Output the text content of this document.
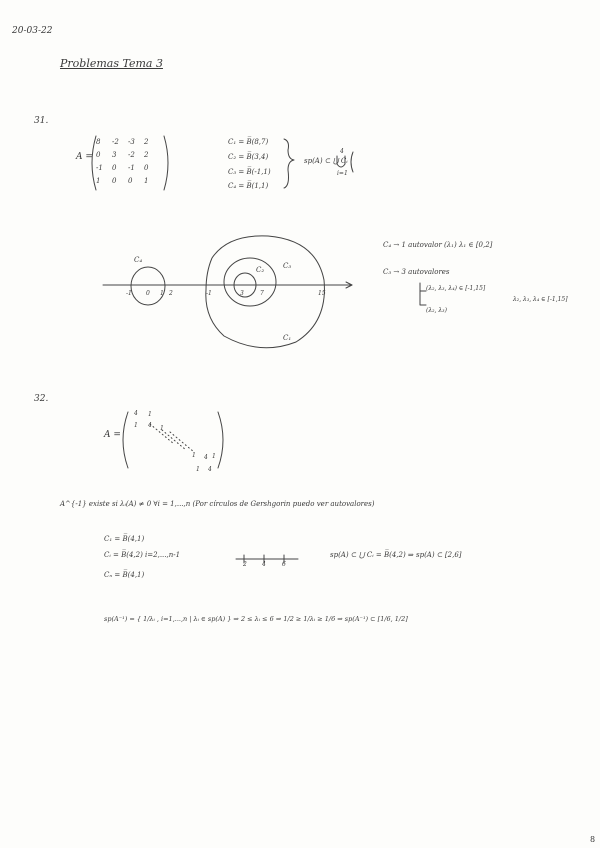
20-03-22
Problemas Tema 3
31.
A =
8 -2 -3 2
0 3 -2 2
-1 0 -1 0
1 0 0 1
C₁ = B̅(8,7)
C₂ = B̅(3,4)
C₃ = B̅(-1,1)
C₄ = B̅(1,1)
sp(A) ⊂ ⋃ Cᵢ
4
i=1
C₄
C₂	C₃
C₁
-1 0 1 2	-1	3	7	15
C₄ → 1 autovalor (λ₁) λ₁ ∈ [0,2]
C₃ → 3 autovalores
(λ₂, λ₃, λ₄) ∈ [-1,15]
(λ₂, λ₃)
λ₂, λ₃, λ₄ ∈ [-1,15]
32.
A =
4 1
1 4 1
1 4 1
1 4
A^{-1} existe si λᵢ(A) ≠ 0 ∀i = 1,...,n (Por círculos de Gershgorin puedo ver autovalores)
C₁ = B̅(4,1)
Cᵢ = B̅(4,2) i=2,...,n-1
Cₙ = B̅(4,1)
2	4	6
sp(A) ⊂ ⋃ Cᵢ = B̅(4,2) ⇒ sp(A) ⊂ [2,6]
sp(A⁻¹) = { 1/λᵢ , i=1,...,n | λᵢ ∈ sp(A) } ⇒ 2 ≤ λᵢ ≤ 6 ⇒ 1/2 ≥ 1/λᵢ ≥ 1/6 ⇒ sp(A⁻¹) ⊂ [1/6, 1/2]
8
